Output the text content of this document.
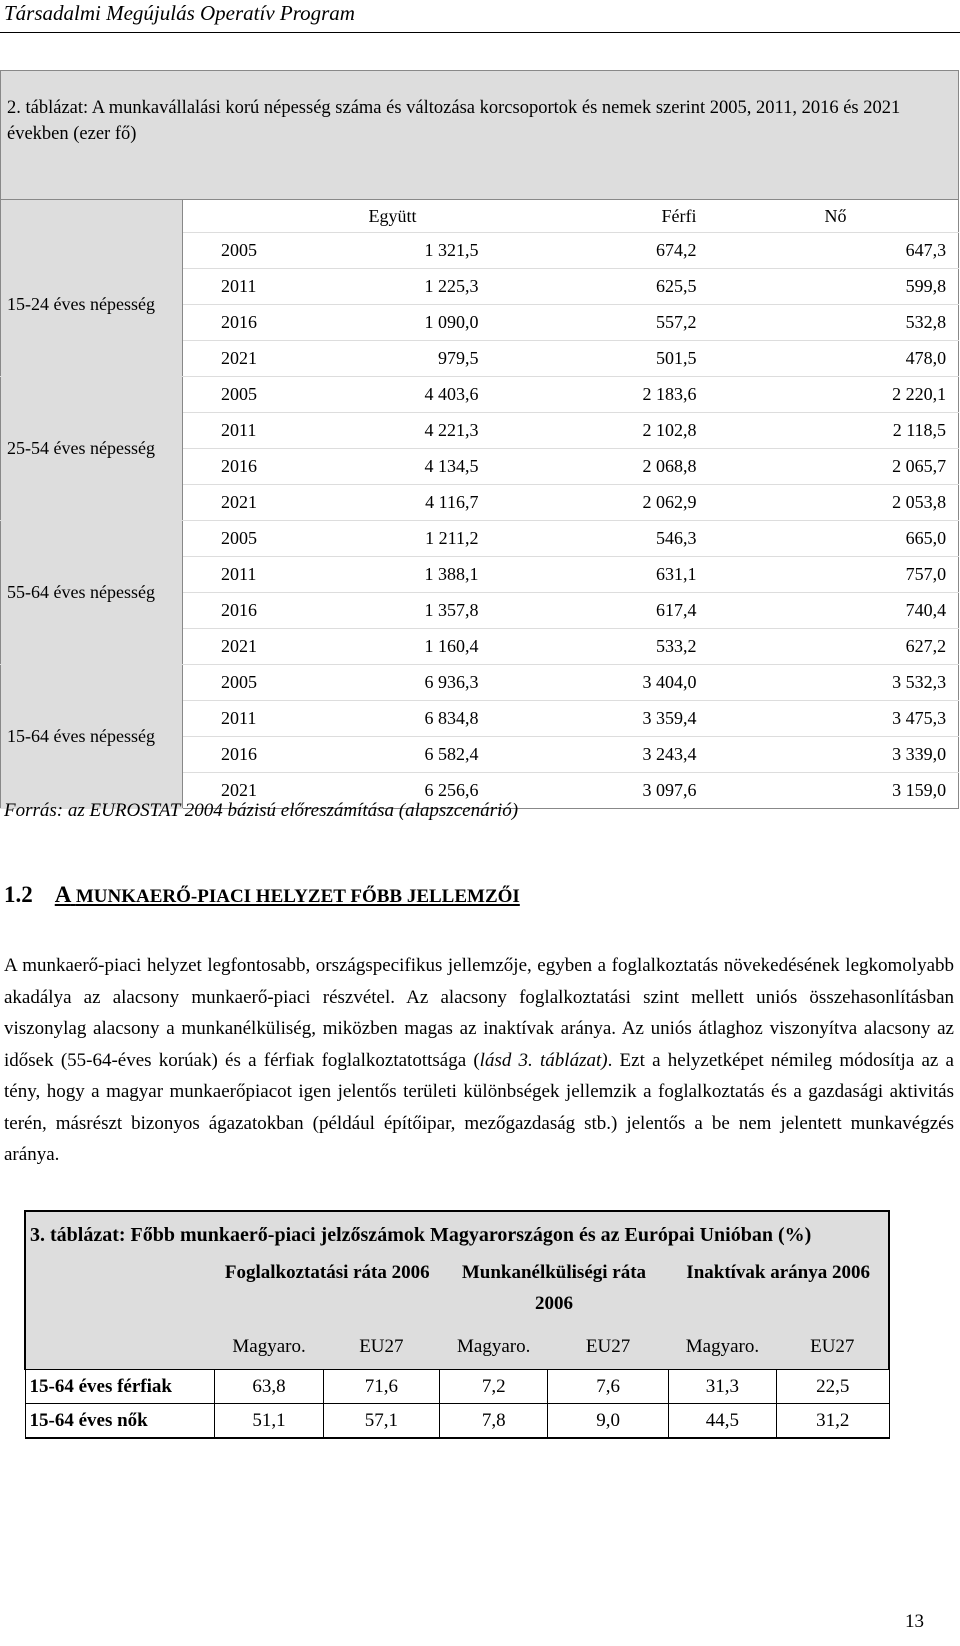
Társadalmi Megújulás Operatív Program
2. táblázat: A munkavállalási korú népesség száma és változása korcsoportok és nemek szerint 2005, 2011, 2016 és 2021 években (ezer fő)				
		Együtt	Férfi	Nő
15-24 éves népesség	2005	1 321,5	674,2	647,3
	2011	1 225,3	625,5	599,8
	2016	1 090,0	557,2	532,8
	2021	979,5	501,5	478,0
25-54 éves népesség	2005	4 403,6	2 183,6	2 220,1
	2011	4 221,3	2 102,8	2 118,5
	2016	4 134,5	2 068,8	2 065,7
	2021	4 116,7	2 062,9	2 053,8
55-64 éves népesség	2005	1 211,2	546,3	665,0
	2011	1 388,1	631,1	757,0
	2016	1 357,8	617,4	740,4
	2021	1 160,4	533,2	627,2
15-64 éves népesség	2005	6 936,3	3 404,0	3 532,3
	2011	6 834,8	3 359,4	3 475,3
	2016	6 582,4	3 243,4	3 339,0
	2021	6 256,6	3 097,6	3 159,0
Forrás: az EUROSTAT 2004 bázisú előreszámítása (alapszcenárió)
1.2 A MUNKAERŐ-PIACI HELYZET FŐBB JELLEMZŐI
A munkaerő-piaci helyzet legfontosabb, országspecifikus jellemzője, egyben a foglalkoztatás növekedésének legkomolyabb akadálya az alacsony munkaerő-piaci részvétel. Az alacsony foglalkoztatási szint mellett uniós összehasonlításban viszonylag alacsony a munkanélküliség, miközben magas az inaktívak aránya. Az uniós átlaghoz viszonyítva alacsony az idősek (55-64-éves korúak) és a férfiak foglalkoztatottsága (lásd 3. táblázat). Ezt a helyzetképet némileg módosítja az a tény, hogy a magyar munkaerőpiacot igen jelentős területi különbségek jellemzik a foglalkoztatás és a gazdasági aktivitás terén, másrészt bizonyos ágazatokban (például építőipar, mezőgazdaság stb.) jelentős a be nem jelentett munkavégzés aránya.
3. táblázat: Főbb munkaerő-piaci jelzőszámok Magyarországon és az Európai Unióban (%)						
	Foglalkoztatási ráta 2006		Munkanélküliségi ráta 2006		Inaktívak aránya 2006	
	Magyaro.	EU27	Magyaro.	EU27	Magyaro.	EU27
15-64 éves férfiak	63,8	71,6	7,2	7,6	31,3	22,5
15-64 éves nők	51,1	57,1	7,8	9,0	44,5	31,2
13
